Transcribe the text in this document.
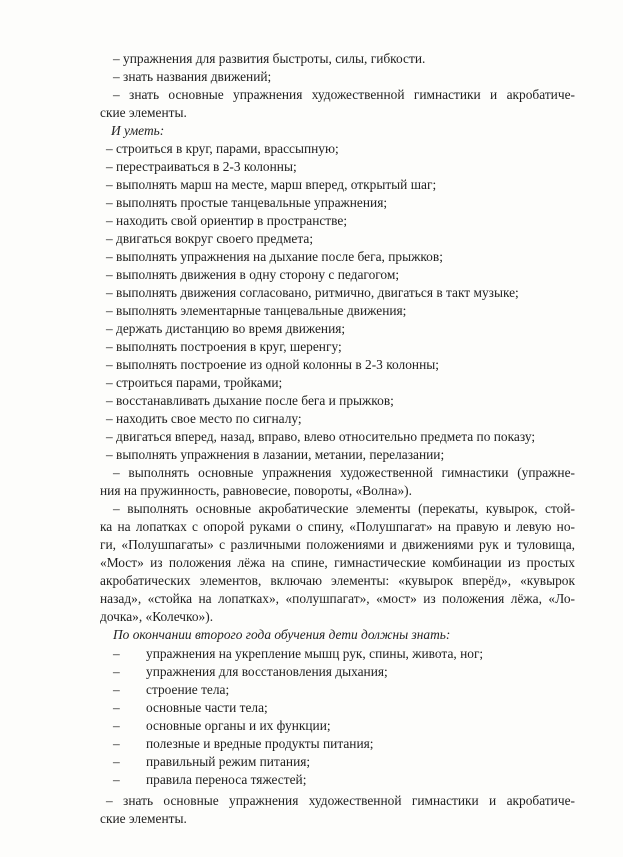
– упражнения для развития быстроты, силы, гибкости.
– знать названия движений;
– знать основные упражнения художественной гимнастики и акробатиче-
ские элементы.
И уметь:
– строиться в круг, парами, врассыпную;
– перестраиваться в 2-3 колонны;
– выполнять марш на месте, марш вперед, открытый шаг;
– выполнять простые танцевальные упражнения;
– находить свой ориентир в пространстве;
– двигаться вокруг своего предмета;
– выполнять упражнения на дыхание после бега, прыжков;
– выполнять движения в одну сторону с педагогом;
– выполнять движения согласовано, ритмично, двигаться в такт музыке;
– выполнять элементарные танцевальные движения;
– держать дистанцию во время движения;
– выполнять построения в круг, шеренгу;
– выполнять построение из одной колонны в 2-3 колонны;
– строиться парами, тройками;
– восстанавливать дыхание после бега и прыжков;
– находить свое место по сигналу;
– двигаться вперед, назад, вправо, влево относительно предмета по показу;
– выполнять упражнения в лазании, метании, перелазании;
– выполнять основные упражнения художественной гимнастики (упражне-
ния на пружинность, равновесие, повороты, «Волна»).
– выполнять основные акробатические элементы (перекаты, кувырок, стой-
ка на лопатках с опорой руками о спину, «Полушпагат» на правую и левую но-
ги, «Полушпагаты» с различными положениями и движениями рук и туловища,
«Мост» из положения лёжа на спине, гимнастические комбинации из простых
акробатических элементов, включаю элементы: «кувырок вперёд», «кувырок
назад», «стойка на лопатках», «полушпагат», «мост» из положения лёжа, «Ло-
дочка», «Колечко»).
По окончании второго года обучения дети должны знать:
– упражнения на укрепление мышц рук, спины, живота, ног;
– упражнения для восстановления дыхания;
– строение тела;
– основные части тела;
– основные органы и их функции;
– полезные и вредные продукты питания;
– правильный режим питания;
– правила переноса тяжестей;
– знать основные упражнения художественной гимнастики и акробатиче-
ские элементы.
